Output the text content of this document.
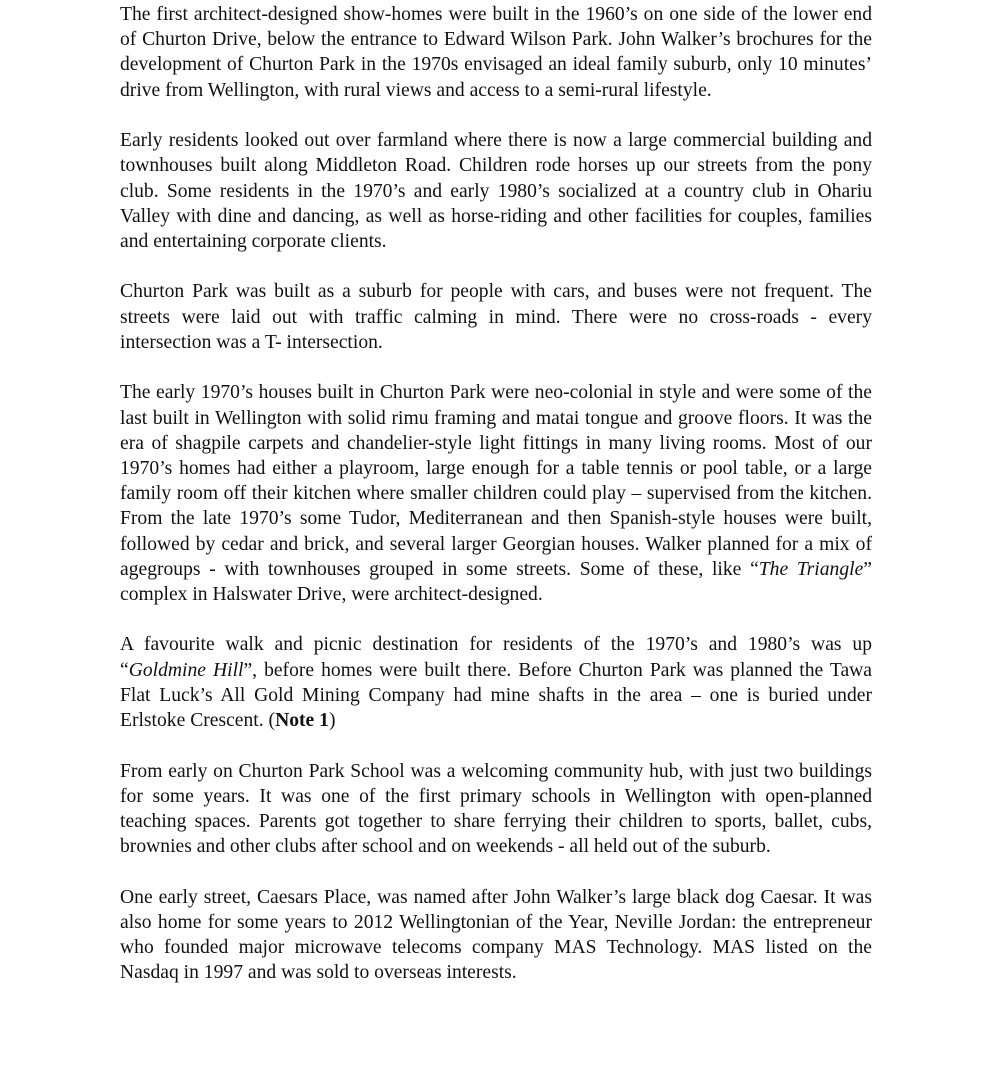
The first architect-designed show-homes were built in the 1960’s on one side of the lower end of Churton Drive, below the entrance to Edward Wilson Park. John Walker’s brochures for the development of Churton Park in the 1970s envisaged an ideal family suburb, only 10 minutes’ drive from Wellington, with rural views and access to a semi-rural lifestyle.

Early residents looked out over farmland where there is now a large commercial building and townhouses built along Middleton Road. Children rode horses up our streets from the pony club. Some residents in the 1970’s and early 1980’s socialized at a country club in Ohariu Valley with dine and dancing, as well as horse-riding and other facilities for couples, families and entertaining corporate clients.

Churton Park was built as a suburb for people with cars, and buses were not frequent. The streets were laid out with traffic calming in mind. There were no cross-roads - every intersection was a T- intersection.

The early 1970’s houses built in Churton Park were neo-colonial in style and were some of the last built in Wellington with solid rimu framing and matai tongue and groove floors. It was the era of shagpile carpets and chandelier-style light fittings in many living rooms. Most of our 1970’s homes had either a playroom, large enough for a table tennis or pool table, or a large family room off their kitchen where smaller children could play – supervised from the kitchen. From the late 1970’s some Tudor, Mediterranean and then Spanish-style houses were built, followed by cedar and brick, and several larger Georgian houses. Walker planned for a mix of agegroups - with townhouses grouped in some streets. Some of these, like “The Triangle” complex in Halswater Drive, were architect-designed.

A favourite walk and picnic destination for residents of the 1970’s and 1980’s was up “Goldmine Hill”, before homes were built there. Before Churton Park was planned the Tawa Flat Luck’s All Gold Mining Company had mine shafts in the area – one is buried under Erlstoke Crescent. (Note 1)

From early on Churton Park School was a welcoming community hub, with just two buildings for some years. It was one of the first primary schools in Wellington with open-planned teaching spaces. Parents got together to share ferrying their children to sports, ballet, cubs, brownies and other clubs after school and on weekends - all held out of the suburb.

One early street, Caesars Place, was named after John Walker’s large black dog Caesar. It was also home for some years to 2012 Wellingtonian of the Year, Neville Jordan: the entrepreneur who founded major microwave telecoms company MAS Technology. MAS listed on the Nasdaq in 1997 and was sold to overseas interests.
